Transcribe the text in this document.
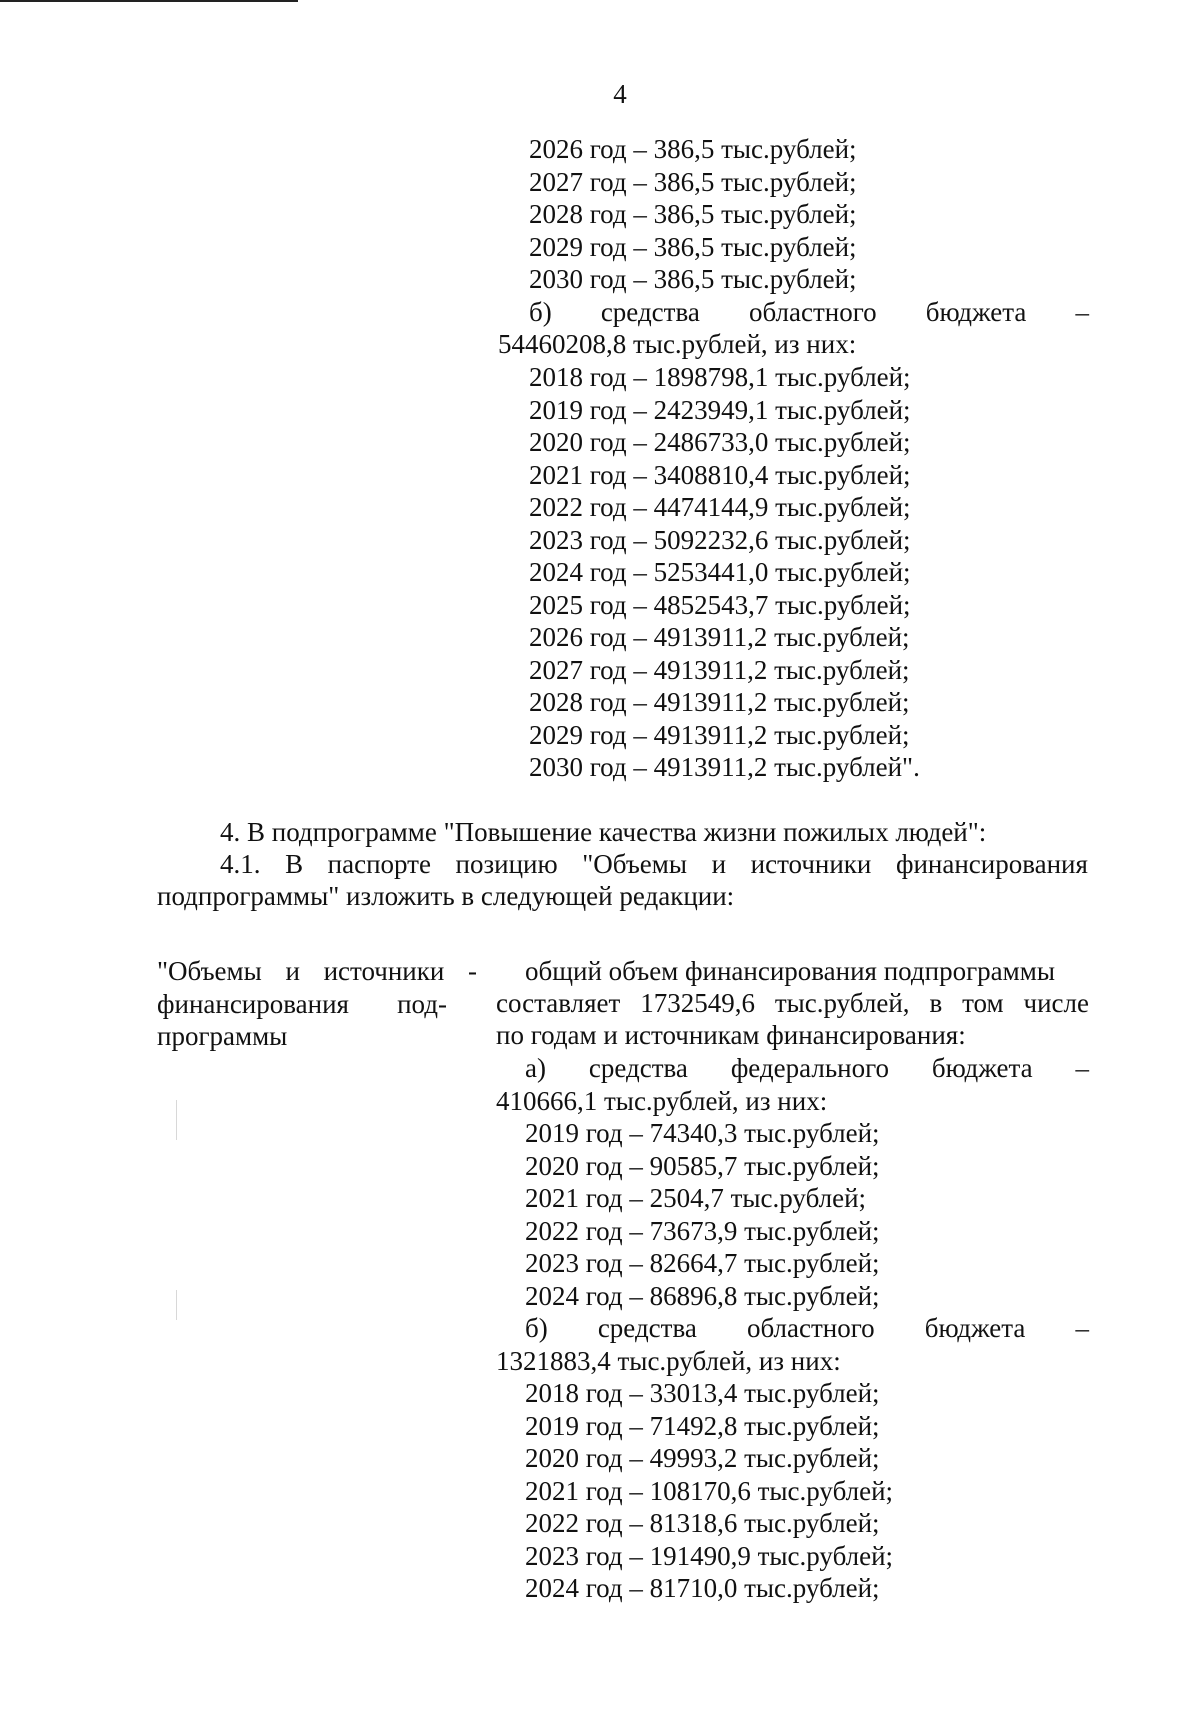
4
2026 год – 386,5 тыс.рублей;
2027 год – 386,5 тыс.рублей;
2028 год – 386,5 тыс.рублей;
2029 год – 386,5 тыс.рублей;
2030 год – 386,5 тыс.рублей;
б) средства областного бюджета –
54460208,8 тыс.рублей, из них:
2018 год – 1898798,1 тыс.рублей;
2019 год – 2423949,1 тыс.рублей;
2020 год – 2486733,0 тыс.рублей;
2021 год – 3408810,4 тыс.рублей;
2022 год – 4474144,9 тыс.рублей;
2023 год – 5092232,6 тыс.рублей;
2024 год – 5253441,0 тыс.рублей;
2025 год – 4852543,7 тыс.рублей;
2026 год – 4913911,2 тыс.рублей;
2027 год – 4913911,2 тыс.рублей;
2028 год – 4913911,2 тыс.рублей;
2029 год – 4913911,2 тыс.рублей;
2030 год – 4913911,2 тыс.рублей".
4. В подпрограмме "Повышение качества жизни пожилых людей":
4.1. В паспорте позицию "Объемы и источники финансирования
подпрограммы" изложить в следующей редакции:
"Объемы и источники -
финансирования под-
программы
общий объем финансирования подпрограммы
составляет 1732549,6 тыс.рублей, в том числе
по годам и источникам финансирования:
а) средства федерального бюджета –
410666,1 тыс.рублей, из них:
2019 год – 74340,3 тыс.рублей;
2020 год – 90585,7 тыс.рублей;
2021 год – 2504,7 тыс.рублей;
2022 год – 73673,9 тыс.рублей;
2023 год – 82664,7 тыс.рублей;
2024 год – 86896,8 тыс.рублей;
б) средства областного бюджета –
1321883,4 тыс.рублей, из них:
2018 год – 33013,4 тыс.рублей;
2019 год – 71492,8 тыс.рублей;
2020 год – 49993,2 тыс.рублей;
2021 год – 108170,6 тыс.рублей;
2022 год – 81318,6 тыс.рублей;
2023 год – 191490,9 тыс.рублей;
2024 год – 81710,0 тыс.рублей;
